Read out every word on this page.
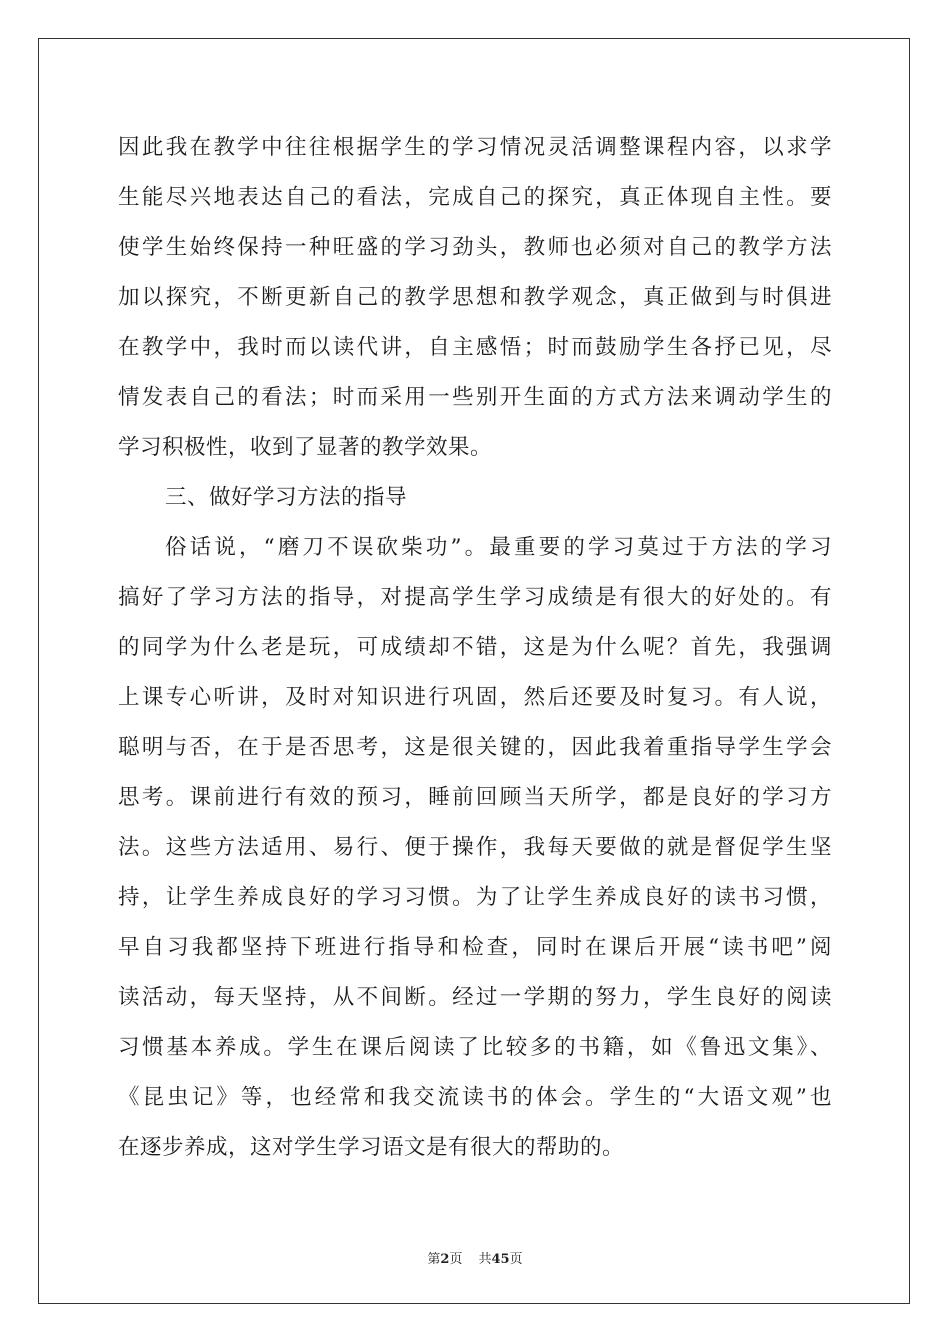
因此我在教学中往往根据学生的学习情况灵活调整课程内容，以求学
生能尽兴地表达自己的看法，完成自己的探究，真正体现自主性。要
使学生始终保持一种旺盛的学习劲头，教师也必须对自己的教学方法
加以探究，不断更新自己的教学思想和教学观念，真正做到与时俱进
在教学中，我时而以读代讲，自主感悟；时而鼓励学生各抒已见，尽
情发表自己的看法；时而采用一些别开生面的方式方法来调动学生的
学习积极性，收到了显著的教学效果。
三、做好学习方法的指导
俗话说，“磨刀不误砍柴功”。最重要的学习莫过于方法的学习
搞好了学习方法的指导，对提高学生学习成绩是有很大的好处的。有
的同学为什么老是玩，可成绩却不错，这是为什么呢？首先，我强调
上课专心听讲，及时对知识进行巩固，然后还要及时复习。有人说，
聪明与否，在于是否思考，这是很关键的，因此我着重指导学生学会
思考。课前进行有效的预习，睡前回顾当天所学，都是良好的学习方
法。这些方法适用、易行、便于操作，我每天要做的就是督促学生坚
持，让学生养成良好的学习习惯。为了让学生养成良好的读书习惯，
早自习我都坚持下班进行指导和检查，同时在课后开展“读书吧”阅
读活动，每天坚持，从不间断。经过一学期的努力，学生良好的阅读
习惯基本养成。学生在课后阅读了比较多的书籍，如《鲁迅文集》、
《昆虫记》等，也经常和我交流读书的体会。学生的“大语文观”也
在逐步养成，这对学生学习语文是有很大的帮助的。
第2页 共45页
